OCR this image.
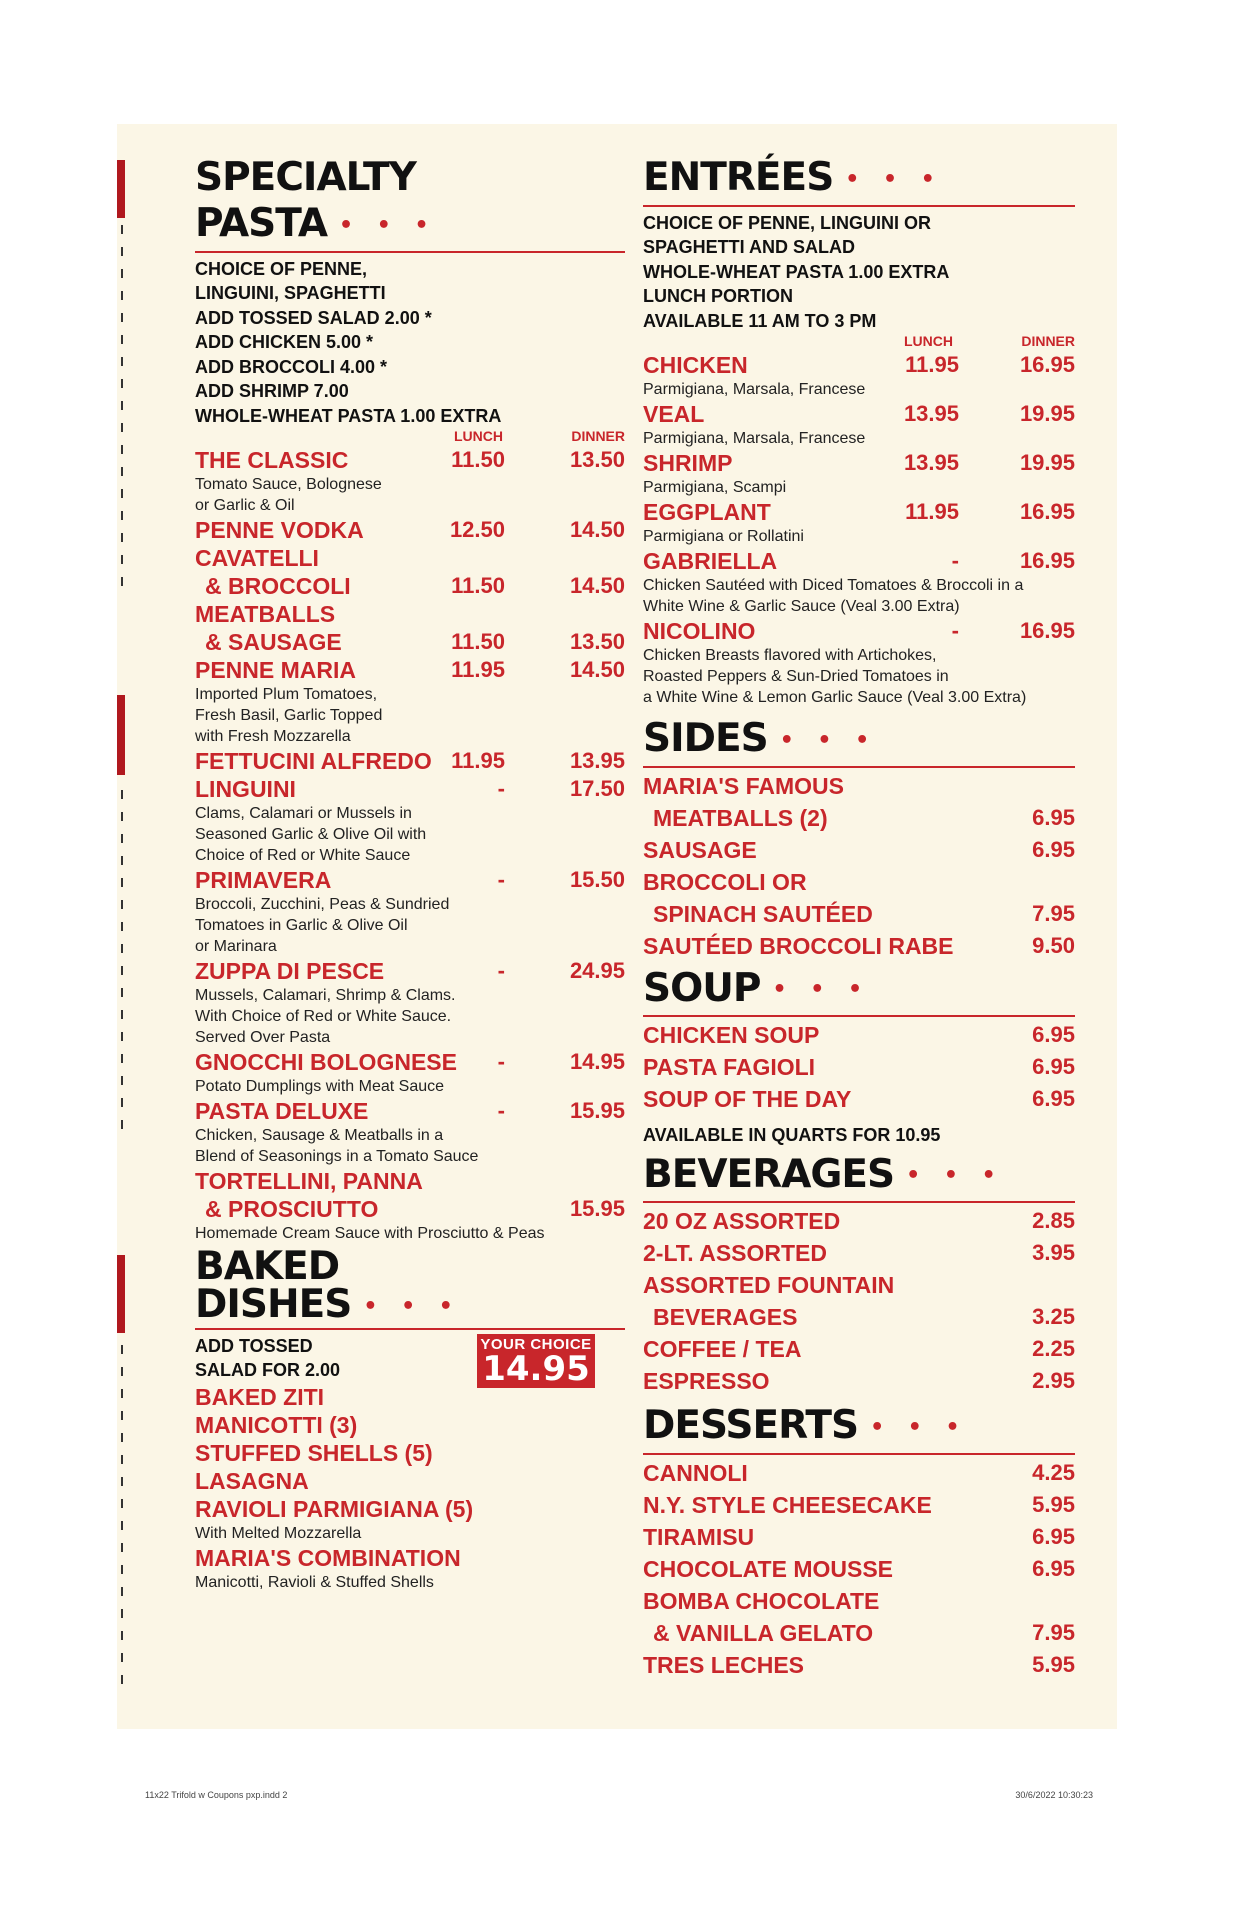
SPECIALTY
PASTA • • •
CHOICE OF PENNE,
LINGUINI, SPAGHETTI
ADD TOSSED SALAD 2.00 *
ADD CHICKEN 5.00 *
ADD BROCCOLI 4.00 *
ADD SHRIMP 7.00
WHOLE-WHEAT PASTA 1.00 EXTRA
LUNCH	DINNER
THE CLASSIC	11.50	13.50
Tomato Sauce, Bolognese
or Garlic & Oil
PENNE VODKA	12.50	14.50
CAVATELLI
& BROCCOLI	11.50	14.50
MEATBALLS
& SAUSAGE	11.50	13.50
PENNE MARIA	11.95	14.50
Imported Plum Tomatoes,
Fresh Basil, Garlic Topped
with Fresh Mozzarella
FETTUCINI ALFREDO 11.95	13.95
LINGUINI	-	17.50
Clams, Calamari or Mussels in
Seasoned Garlic & Olive Oil with
Choice of Red or White Sauce
PRIMAVERA	-	15.50
Broccoli, Zucchini, Peas & Sundried
Tomatoes in Garlic & Olive Oil
or Marinara
ZUPPA DI PESCE	-	24.95
Mussels, Calamari, Shrimp & Clams.
With Choice of Red or White Sauce.
Served Over Pasta
GNOCCHI BOLOGNESE -	14.95
Potato Dumplings with Meat Sauce
PASTA DELUXE	-	15.95
Chicken, Sausage & Meatballs in a
Blend of Seasonings in a Tomato Sauce
TORTELLINI, PANNA
& PROSCIUTTO	15.95
Homemade Cream Sauce with Prosciutto & Peas
BAKED
DISHES • • •
ADD TOSSED
SALAD FOR 2.00
YOUR CHOICE
14.95
BAKED ZITI
MANICOTTI (3)
STUFFED SHELLS (5)
LASAGNA
RAVIOLI PARMIGIANA (5)
With Melted Mozzarella
MARIA'S COMBINATION
Manicotti, Ravioli & Stuffed Shells
ENTRÉES • • •
CHOICE OF PENNE, LINGUINI OR
SPAGHETTI AND SALAD
WHOLE-WHEAT PASTA 1.00 EXTRA
LUNCH PORTION
AVAILABLE 11 AM TO 3 PM
LUNCH	DINNER
CHICKEN	11.95	16.95
Parmigiana, Marsala, Francese
VEAL	13.95	19.95
Parmigiana, Marsala, Francese
SHRIMP	13.95	19.95
Parmigiana, Scampi
EGGPLANT	11.95	16.95
Parmigiana or Rollatini
GABRIELLA	-	16.95
Chicken Sautéed with Diced Tomatoes & Broccoli in a
White Wine & Garlic Sauce (Veal 3.00 Extra)
NICOLINO	-	16.95
Chicken Breasts flavored with Artichokes,
Roasted Peppers & Sun-Dried Tomatoes in
a White Wine & Lemon Garlic Sauce (Veal 3.00 Extra)
SIDES • • •
MARIA'S FAMOUS
MEATBALLS (2)	6.95
SAUSAGE	6.95
BROCCOLI OR
SPINACH SAUTÉED	7.95
SAUTÉED BROCCOLI RABE	9.50
SOUP • • •
CHICKEN SOUP	6.95
PASTA FAGIOLI	6.95
SOUP OF THE DAY	6.95
AVAILABLE IN QUARTS FOR 10.95
BEVERAGES • • •
20 OZ ASSORTED	2.85
2-LT. ASSORTED	3.95
ASSORTED FOUNTAIN
BEVERAGES	3.25
COFFEE / TEA	2.25
ESPRESSO	2.95
DESSERTS • • •
CANNOLI	4.25
N.Y. STYLE CHEESECAKE	5.95
TIRAMISU	6.95
CHOCOLATE MOUSSE	6.95
BOMBA CHOCOLATE
& VANILLA GELATO	7.95
TRES LECHES	5.95
11x22 Trifold w Coupons pxp.indd 2	30/6/2022 10:30:23
